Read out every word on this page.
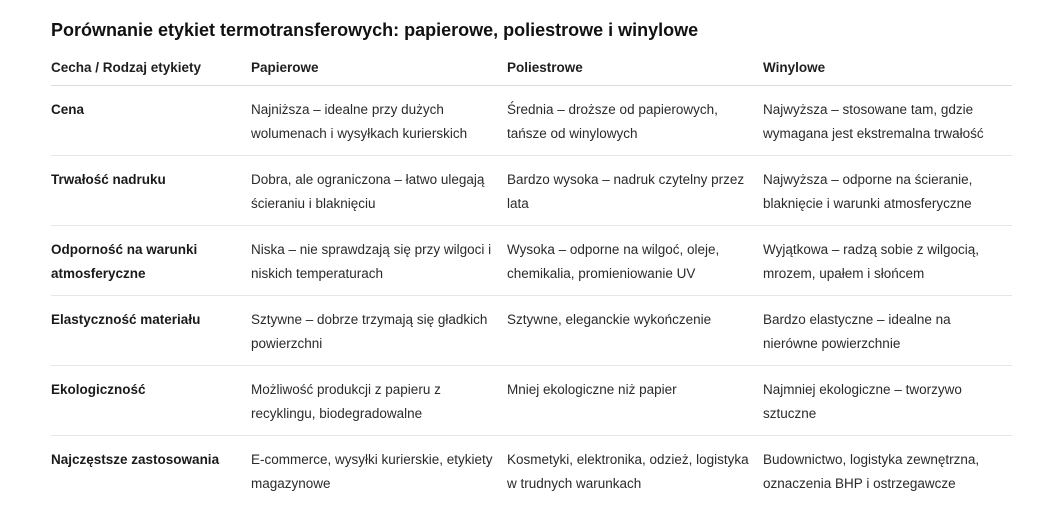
Porównanie etykiet termotransferowych: papierowe, poliestrowe i winylowe
Cecha / Rodzaj etykiety	Papierowe	Poliestrowe	Winylowe
Cena	Najniższa – idealne przy dużych wolumenach i wysyłkach kurierskich	Średnia – droższe od papierowych, tańsze od winylowych	Najwyższa – stosowane tam, gdzie wymagana jest ekstremalna trwałość
Trwałość nadruku	Dobra, ale ograniczona – łatwo ulegają ścieraniu i blaknięciu	Bardzo wysoka – nadruk czytelny przez lata	Najwyższa – odporne na ścieranie, blaknięcie i warunki atmosferyczne
Odporność na warunki atmosferyczne	Niska – nie sprawdzają się przy wilgoci i niskich temperaturach	Wysoka – odporne na wilgoć, oleje, chemikalia, promieniowanie UV	Wyjątkowa – radzą sobie z wilgocią, mrozem, upałem i słońcem
Elastyczność materiału	Sztywne – dobrze trzymają się gładkich powierzchni	Sztywne, eleganckie wykończenie	Bardzo elastyczne – idealne na nierówne powierzchnie
Ekologiczność	Możliwość produkcji z papieru z recyklingu, biodegradowalne	Mniej ekologiczne niż papier	Najmniej ekologiczne – tworzywo sztuczne
Najczęstsze zastosowania	E-commerce, wysyłki kurierskie, etykiety magazynowe	Kosmetyki, elektronika, odzież, logistyka w trudnych warunkach	Budownictwo, logistyka zewnętrzna, oznaczenia BHP i ostrzegawcze
